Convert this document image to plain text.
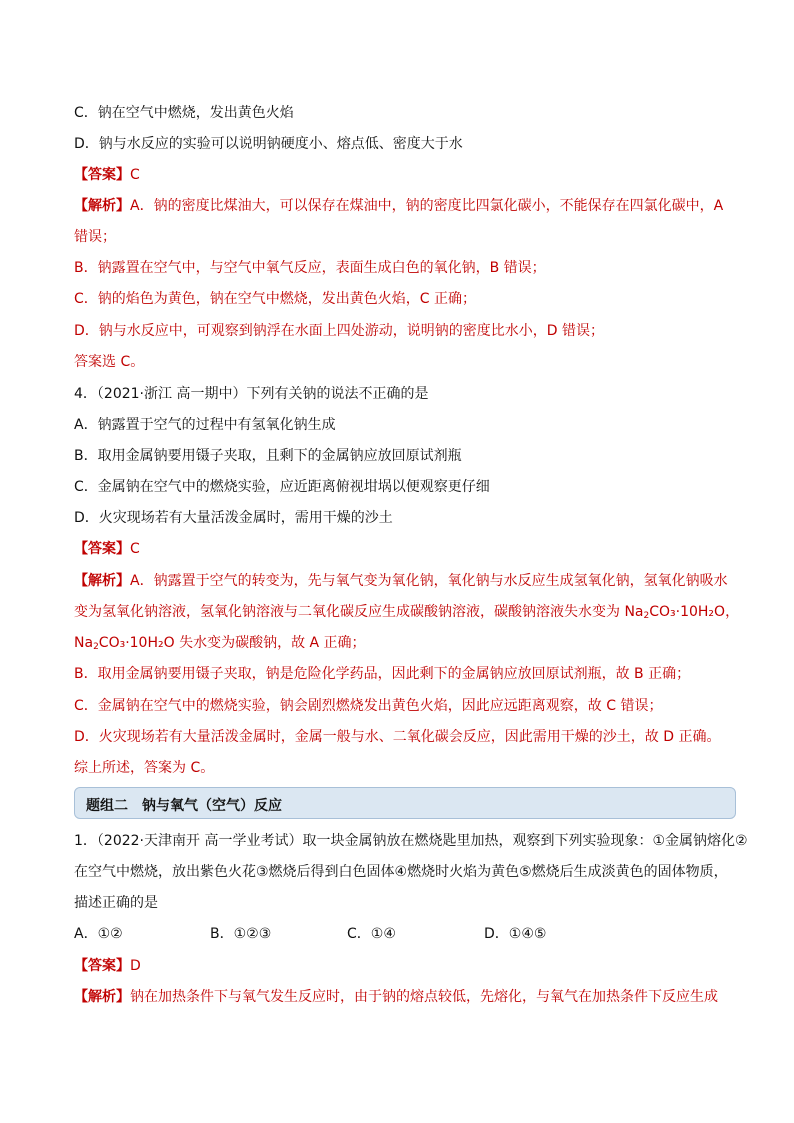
C．钠在空气中燃烧，发出黄色火焰
D．钠与水反应的实验可以说明钠硬度小、熔点低、密度大于水
【答案】C
【解析】A．钠的密度比煤油大，可以保存在煤油中，钠的密度比四氯化碳小，不能保存在四氯化碳中，A
错误；
B．钠露置在空气中，与空气中氧气反应，表面生成白色的氧化钠，B 错误；
C．钠的焰色为黄色，钠在空气中燃烧，发出黄色火焰，C 正确；
D．钠与水反应中，可观察到钠浮在水面上四处游动，说明钠的密度比水小，D 错误；
答案选 C。
4．（2021·浙江 高一期中）下列有关钠的说法不正确的是
A．钠露置于空气的过程中有氢氧化钠生成
B．取用金属钠要用镊子夹取，且剩下的金属钠应放回原试剂瓶
C．金属钠在空气中的燃烧实验，应近距离俯视坩埚以便观察更仔细
D．火灾现场若有大量活泼金属时，需用干燥的沙土
【答案】C
【解析】A．钠露置于空气的转变为，先与氧气变为氧化钠，氧化钠与水反应生成氢氧化钠，氢氧化钠吸水
变为氢氧化钠溶液，氢氧化钠溶液与二氧化碳反应生成碳酸钠溶液，碳酸钠溶液失水变为 $Na_2CO_3\cdot 10H_2O$，
$Na_2CO_3\cdot 10H_2O$ 失水变为碳酸钠，故 A 正确；
B．取用金属钠要用镊子夹取，钠是危险化学药品，因此剩下的金属钠应放回原试剂瓶，故 B 正确；
C．金属钠在空气中的燃烧实验，钠会剧烈燃烧发出黄色火焰，因此应远距离观察，故 C 错误；
D．火灾现场若有大量活泼金属时，金属一般与水、二氧化碳会反应，因此需用干燥的沙土，故 D 正确。
综上所述，答案为 C。
题组二　钠与氧气（空气）反应
1．（2022·天津南开 高一学业考试）取一块金属钠放在燃烧匙里加热，观察到下列实验现象：①金属钠熔化②
在空气中燃烧，放出紫色火花③燃烧后得到白色固体④燃烧时火焰为黄色⑤燃烧后生成淡黄色的固体物质，
描述正确的是
A．①②	B．①②③	C．①④	D．①④⑤
【答案】D
【解析】钠在加热条件下与氧气发生反应时，由于钠的熔点较低，先熔化，与氧气在加热条件下反应生成
